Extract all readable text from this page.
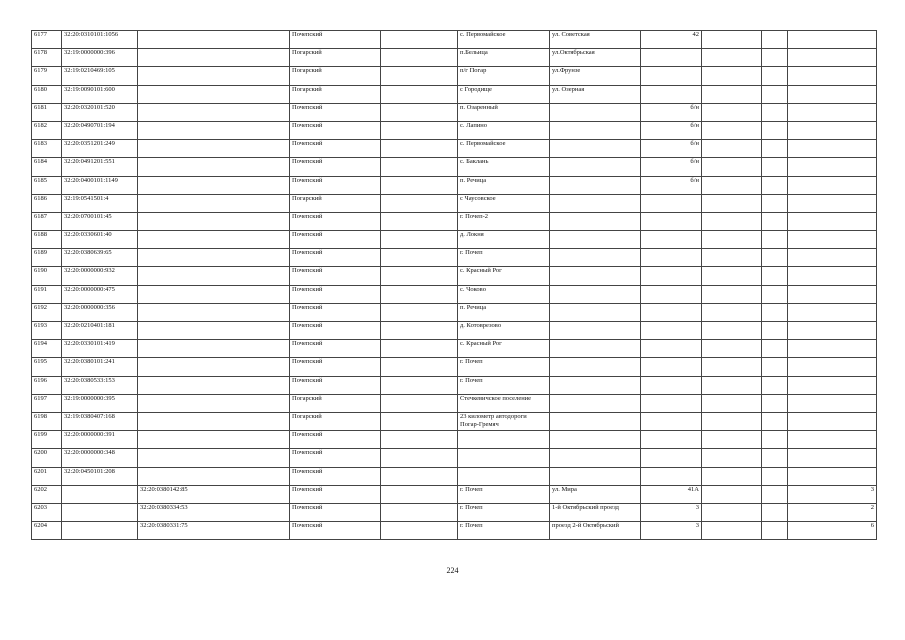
6177	32:20:0310101:1056		Почепский		с. Первомайское	ул. Советская	42			
6178	32:19:0000000:396		Погарский		п.Бельица	ул.Октябрьская				
6179	32:19:0210469:105		Погарский		п/г Погар	ул.Фрунзе				
6180	32:19:0090101:600		Погарский		с Городище	ул. Озерная				
6181	32:20:0320101:520		Почепский		п. Озаренный		б/н			
6182	32:20:0490701:194		Почепский		с. Лапино		б/н			
6183	32:20:0351201:249		Почепский		с. Первомайское		б/н			
6184	32:20:0491201:551		Почепский		с. Баклань		б/н			
6185	32:20:0400101:1149		Почепский		п. Речица		б/н			
6186	32:19:0541501:4		Погарский		с Чаусовское					
6187	32:20:0700101:45		Почепский		г. Почеп-2					
6188	32:20:0330601:40		Почепский		д. Локня					
6189	32:20:0380639:65		Почепский		г. Почеп					
6190	32:20:0000000:932		Почепский		с. Красный Рог					
6191	32:20:0000000:475		Почепский		с. Чоково					
6192	32:20:0000000:356		Почепский		п. Речица					
6193	32:20:0210401:181		Почепский		д. Котоврезово					
6194	32:20:0330101:419		Почепский		с. Красный Рог					
6195	32:20:0380101:241		Почепский		г. Почеп					
6196	32:20:0380533:153		Почепский		г. Почеп					
6197	32:19:0000000:395		Погарский		Стечкевичское поселение					
6198	32:19:0380407:168		Погарский		23 километр автодороги Погар-Гремяч					
6199	32:20:0000000:391		Почепский							
6200	32:20:0000000:348		Почепский							
6201	32:20:0450101:208		Почепский							
6202		32:20:0380142:85	Почепский		г. Почеп	ул. Мира	41А			3
6203		32:20:0380334:53	Почепский		г. Почеп	1-й Октябрьский проезд	3			2
6204		32:20:0380331:75	Почепский		г. Почеп	проезд 2-й Октябрьский	3			6
224
